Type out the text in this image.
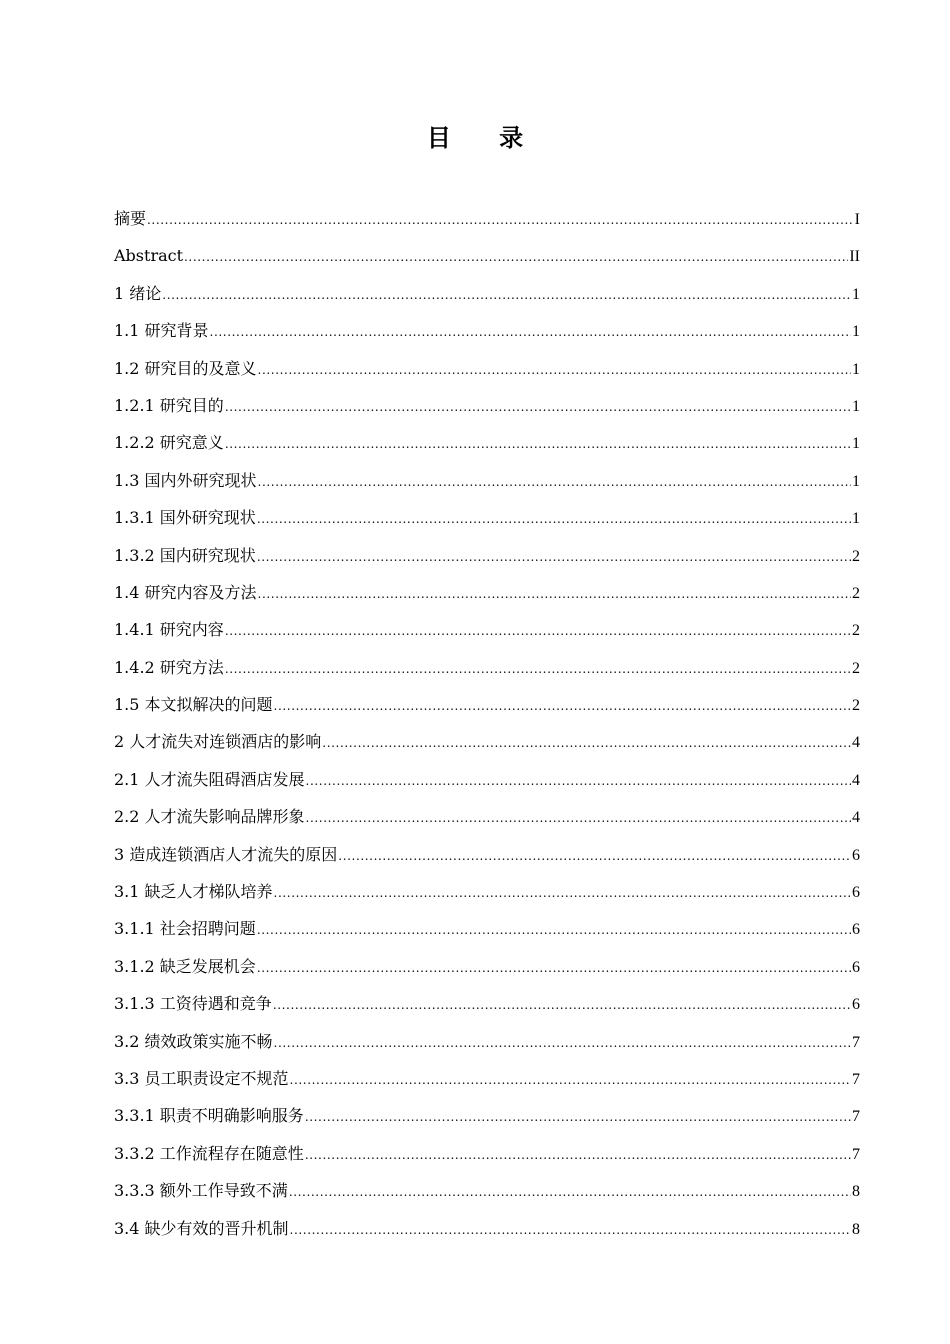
目 录
摘要 .....	I
Abstract .....	II
1 绪论 .....	1
1.1 研究背景 .....	1
1.2 研究目的及意义 .....	1
1.2.1 研究目的 .....	1
1.2.2 研究意义 .....	1
1.3 国内外研究现状 .....	1
1.3.1 国外研究现状 .....	1
1.3.2 国内研究现状 .....	2
1.4 研究内容及方法 .....	2
1.4.1 研究内容 .....	2
1.4.2 研究方法 .....	2
1.5 本文拟解决的问题 .....	2
2 人才流失对连锁酒店的影响 .....	4
2.1 人才流失阻碍酒店发展 .....	4
2.2 人才流失影响品牌形象 .....	4
3 造成连锁酒店人才流失的原因 .....	6
3.1 缺乏人才梯队培养 .....	6
3.1.1 社会招聘问题 .....	6
3.1.2 缺乏发展机会 .....	6
3.1.3 工资待遇和竞争 .....	6
3.2 绩效政策实施不畅 .....	7
3.3 员工职责设定不规范 .....	7
3.3.1 职责不明确影响服务 .....	7
3.3.2 工作流程存在随意性 .....	7
3.3.3 额外工作导致不满 .....	8
3.4 缺少有效的晋升机制 .....	8
